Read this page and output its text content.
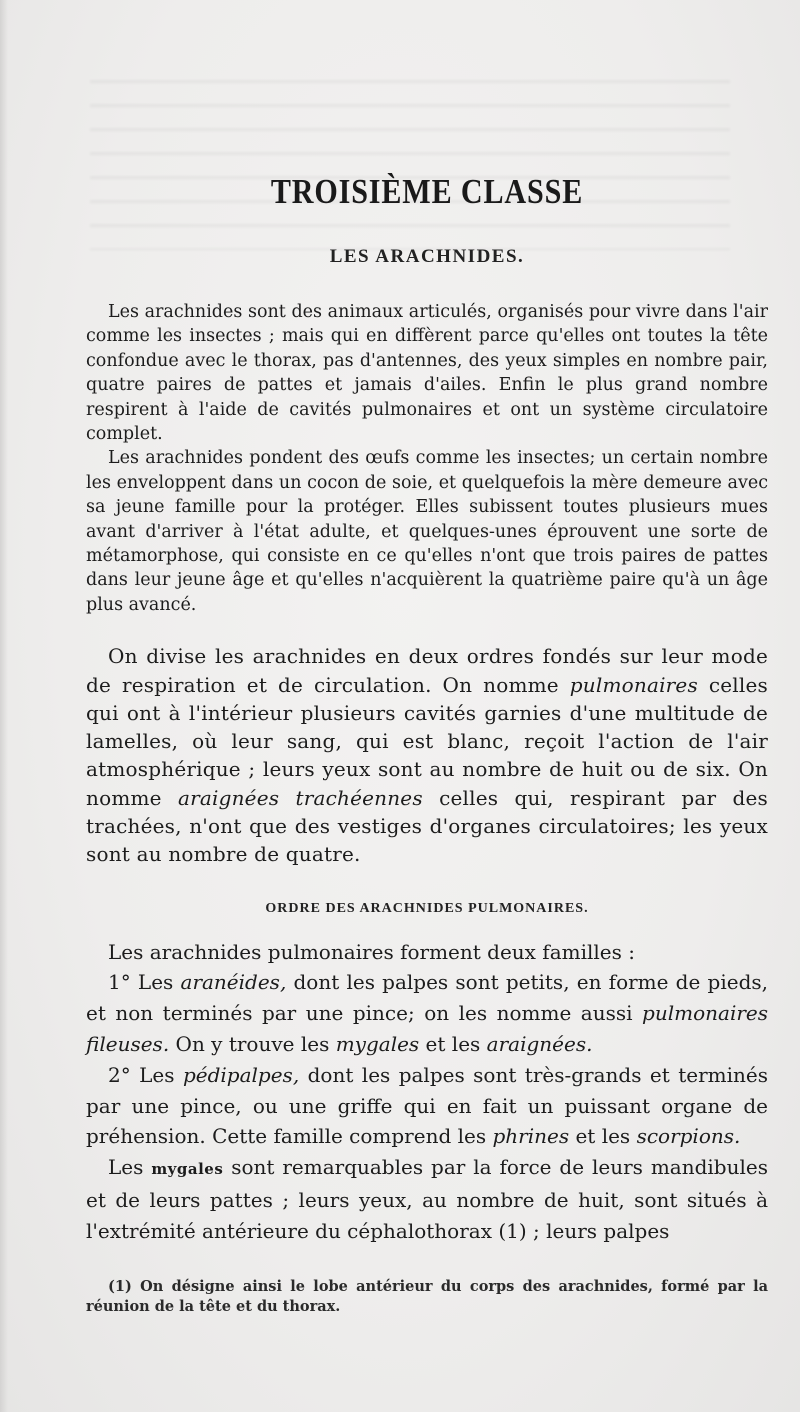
TROISIÈME CLASSE
LES ARACHNIDES.

Les arachnides sont des animaux articulés, organisés pour vivre dans l'air comme les insectes ; mais qui en diffèrent parce qu'elles ont toutes la tête confondue avec le thorax, pas d'antennes, des yeux simples en nombre pair, quatre paires de pattes et jamais d'ailes. Enfin le plus grand nombre respirent à l'aide de cavités pulmonaires et ont un système circulatoire complet.

Les arachnides pondent des œufs comme les insectes; un certain nombre les enveloppent dans un cocon de soie, et quelquefois la mère demeure avec sa jeune famille pour la protéger. Elles subissent toutes plusieurs mues avant d'arriver à l'état adulte, et quelques-unes éprouvent une sorte de métamorphose, qui consiste en ce qu'elles n'ont que trois paires de pattes dans leur jeune âge et qu'elles n'acquièrent la quatrième paire qu'à un âge plus avancé.

On divise les arachnides en deux ordres fondés sur leur mode de respiration et de circulation. On nomme pulmonaires celles qui ont à l'intérieur plusieurs cavités garnies d'une multitude de lamelles, où leur sang, qui est blanc, reçoit l'action de l'air atmosphérique ; leurs yeux sont au nombre de huit ou de six. On nomme araignées trachéennes celles qui, respirant par des trachées, n'ont que des vestiges d'organes circulatoires; les yeux sont au nombre de quatre.

ORDRE DES ARACHNIDES PULMONAIRES.

Les arachnides pulmonaires forment deux familles :

1° Les aranéides, dont les palpes sont petits, en forme de pieds, et non terminés par une pince; on les nomme aussi pulmonaires fileuses. On y trouve les mygales et les araignées.

2° Les pédipalpes, dont les palpes sont très-grands et terminés par une pince, ou une griffe qui en fait un puissant organe de préhension. Cette famille comprend les phrines et les scorpions.

Les mygales sont remarquables par la force de leurs mandibules et de leurs pattes ; leurs yeux, au nombre de huit, sont situés à l'extrémité antérieure du céphalothorax (1) ; leurs palpes

(1) On désigne ainsi le lobe antérieur du corps des arachnides, formé par la réunion de la tête et du thorax.
